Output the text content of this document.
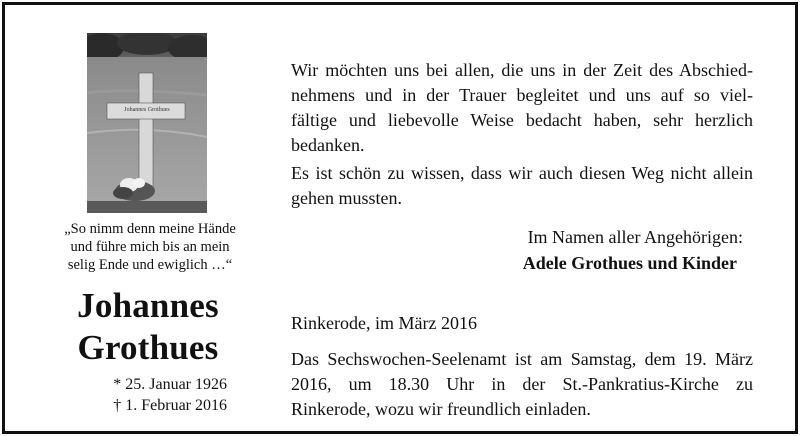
Johannes Grothues
„So nimm denn meine Hände
und führe mich bis an mein
selig Ende und ewiglich …“
Johannes
Grothues
* 25. Januar 1926
† 1. Februar 2016
Wir möchten uns bei allen, die uns in der Zeit des Abschied-
nehmens und in der Trauer begleitet und uns auf so viel-
fältige und liebevolle Weise bedacht haben, sehr herzlich
bedanken.
Es ist schön zu wissen, dass wir auch diesen Weg nicht allein
gehen mussten.
Im Namen aller Angehörigen:
Adele Grothues und Kinder
Rinkerode, im März 2016
Das Sechswochen-Seelenamt ist am Samstag, dem 19. März
2016, um 18.30 Uhr in der St.-Pankratius-Kirche zu
Rinkerode, wozu wir freundlich einladen.
